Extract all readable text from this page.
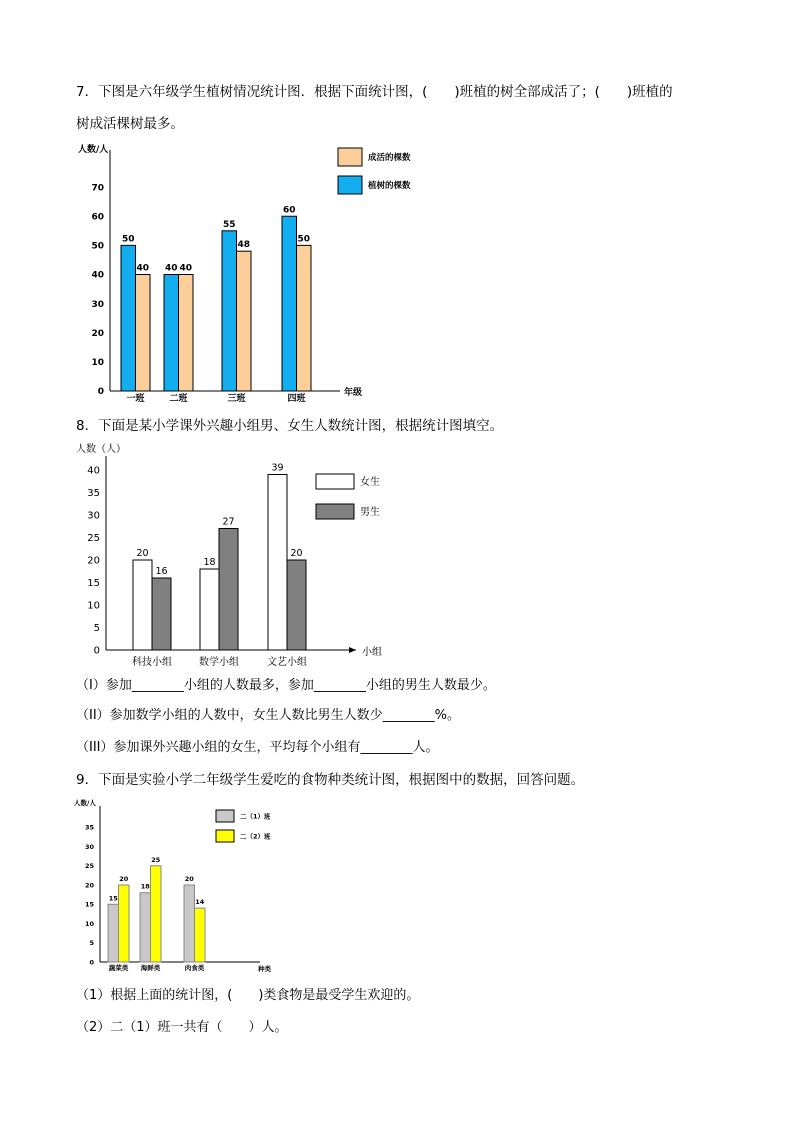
7．下图是六年级学生植树情况统计图．根据下面统计图，(　　)班植的树全部成活了；(　　)班植的
树成活棵树最多。
人数/人
年级
0
10
20
30
40
50
60
70
50
40
一班
40 40
二班
55
48
三班
60
50
四班
成活的棵数
植树的棵数
8．下面是某小学课外兴趣小组男、女生人数统计图，根据统计图填空。
人数（人）
小组
0
5
10
15
20
25
30
35
40
20
16
科技小组
18
27
数学小组
39
20
文艺小组
女生
男生
（I）参加________小组的人数最多，参加________小组的男生人数最少。
（II）参加数学小组的人数中，女生人数比男生人数少________%。
（III）参加课外兴趣小组的女生，平均每个小组有________人。
9．下面是实验小学二年级学生爱吃的食物种类统计图，根据图中的数据，回答问题。
人数/人
种类
0
5
10
15
20
25
30
35
15
20
蔬菜类
18
25
海鲜类
20
14
肉食类
二（1）班
二（2）班
（1）根据上面的统计图，(　　)类食物是最受学生欢迎的。
（2）二（1）班一共有（　　）人。
